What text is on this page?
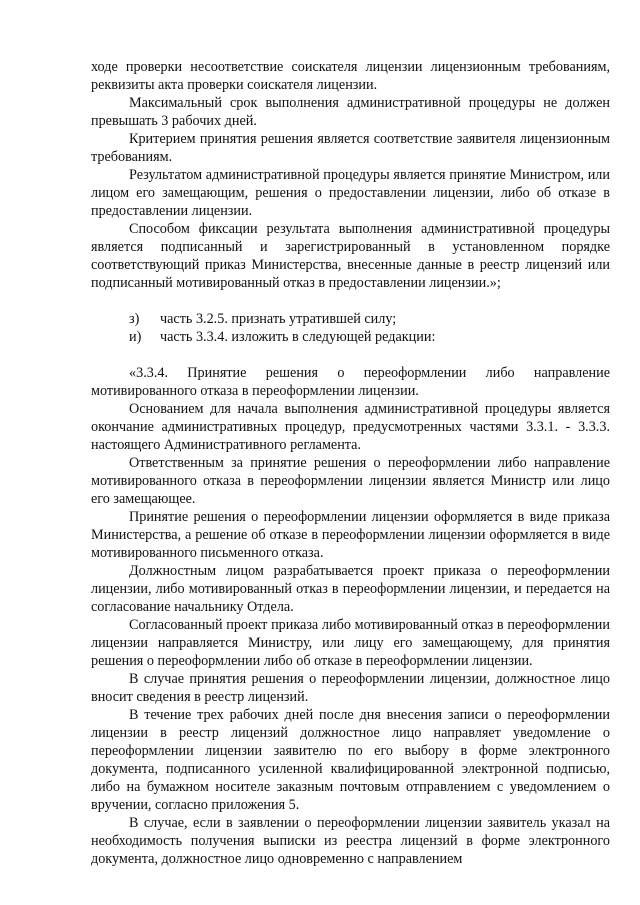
ходе проверки несоответствие соискателя лицензии лицензионным требованиям, реквизиты акта проверки соискателя лицензии.

Максимальный срок выполнения административной процедуры не должен превышать 3 рабочих дней.

Критерием принятия решения является соответствие заявителя лицензионным требованиям.

Результатом административной процедуры является принятие Министром, или лицом его замещающим, решения о предоставлении лицензии, либо об отказе в предоставлении лицензии.

Способом фиксации результата выполнения административной процедуры является подписанный и зарегистрированный в установленном порядке соответствующий приказ Министерства, внесенные данные в реестр лицензий или подписанный мотивированный отказ в предоставлении лицензии.»;

з)	часть 3.2.5. признать утратившей силу;
и)	часть 3.3.4. изложить в следующей редакции:

«3.3.4. Принятие решения о переоформлении либо направление мотивированного отказа в переоформлении лицензии.

Основанием для начала выполнения административной процедуры является окончание административных процедур, предусмотренных частями 3.3.1. - 3.3.3. настоящего Административного регламента.

Ответственным за принятие решения о переоформлении либо направление мотивированного отказа в переоформлении лицензии является Министр или лицо его замещающее.

Принятие решения о переоформлении лицензии оформляется в виде приказа Министерства, а решение об отказе в переоформлении лицензии оформляется в виде мотивированного письменного отказа.

Должностным лицом разрабатывается проект приказа о переоформлении лицензии, либо мотивированный отказ в переоформлении лицензии, и передается на согласование начальнику Отдела.

Согласованный проект приказа либо мотивированный отказ в переоформлении лицензии направляется Министру, или лицу его замещающему, для принятия решения о переоформлении либо об отказе в переоформлении лицензии.

В случае принятия решения о переоформлении лицензии, должностное лицо вносит сведения в реестр лицензий.

В течение трех рабочих дней после дня внесения записи о переоформлении лицензии в реестр лицензий должностное лицо направляет уведомление о переоформлении лицензии заявителю по его выбору в форме электронного документа, подписанного усиленной квалифицированной электронной подписью, либо на бумажном носителе заказным почтовым отправлением с уведомлением о вручении, согласно приложения 5.

В случае, если в заявлении о переоформлении лицензии заявитель указал на необходимость получения выписки из реестра лицензий в форме электронного документа, должностное лицо одновременно с направлением
